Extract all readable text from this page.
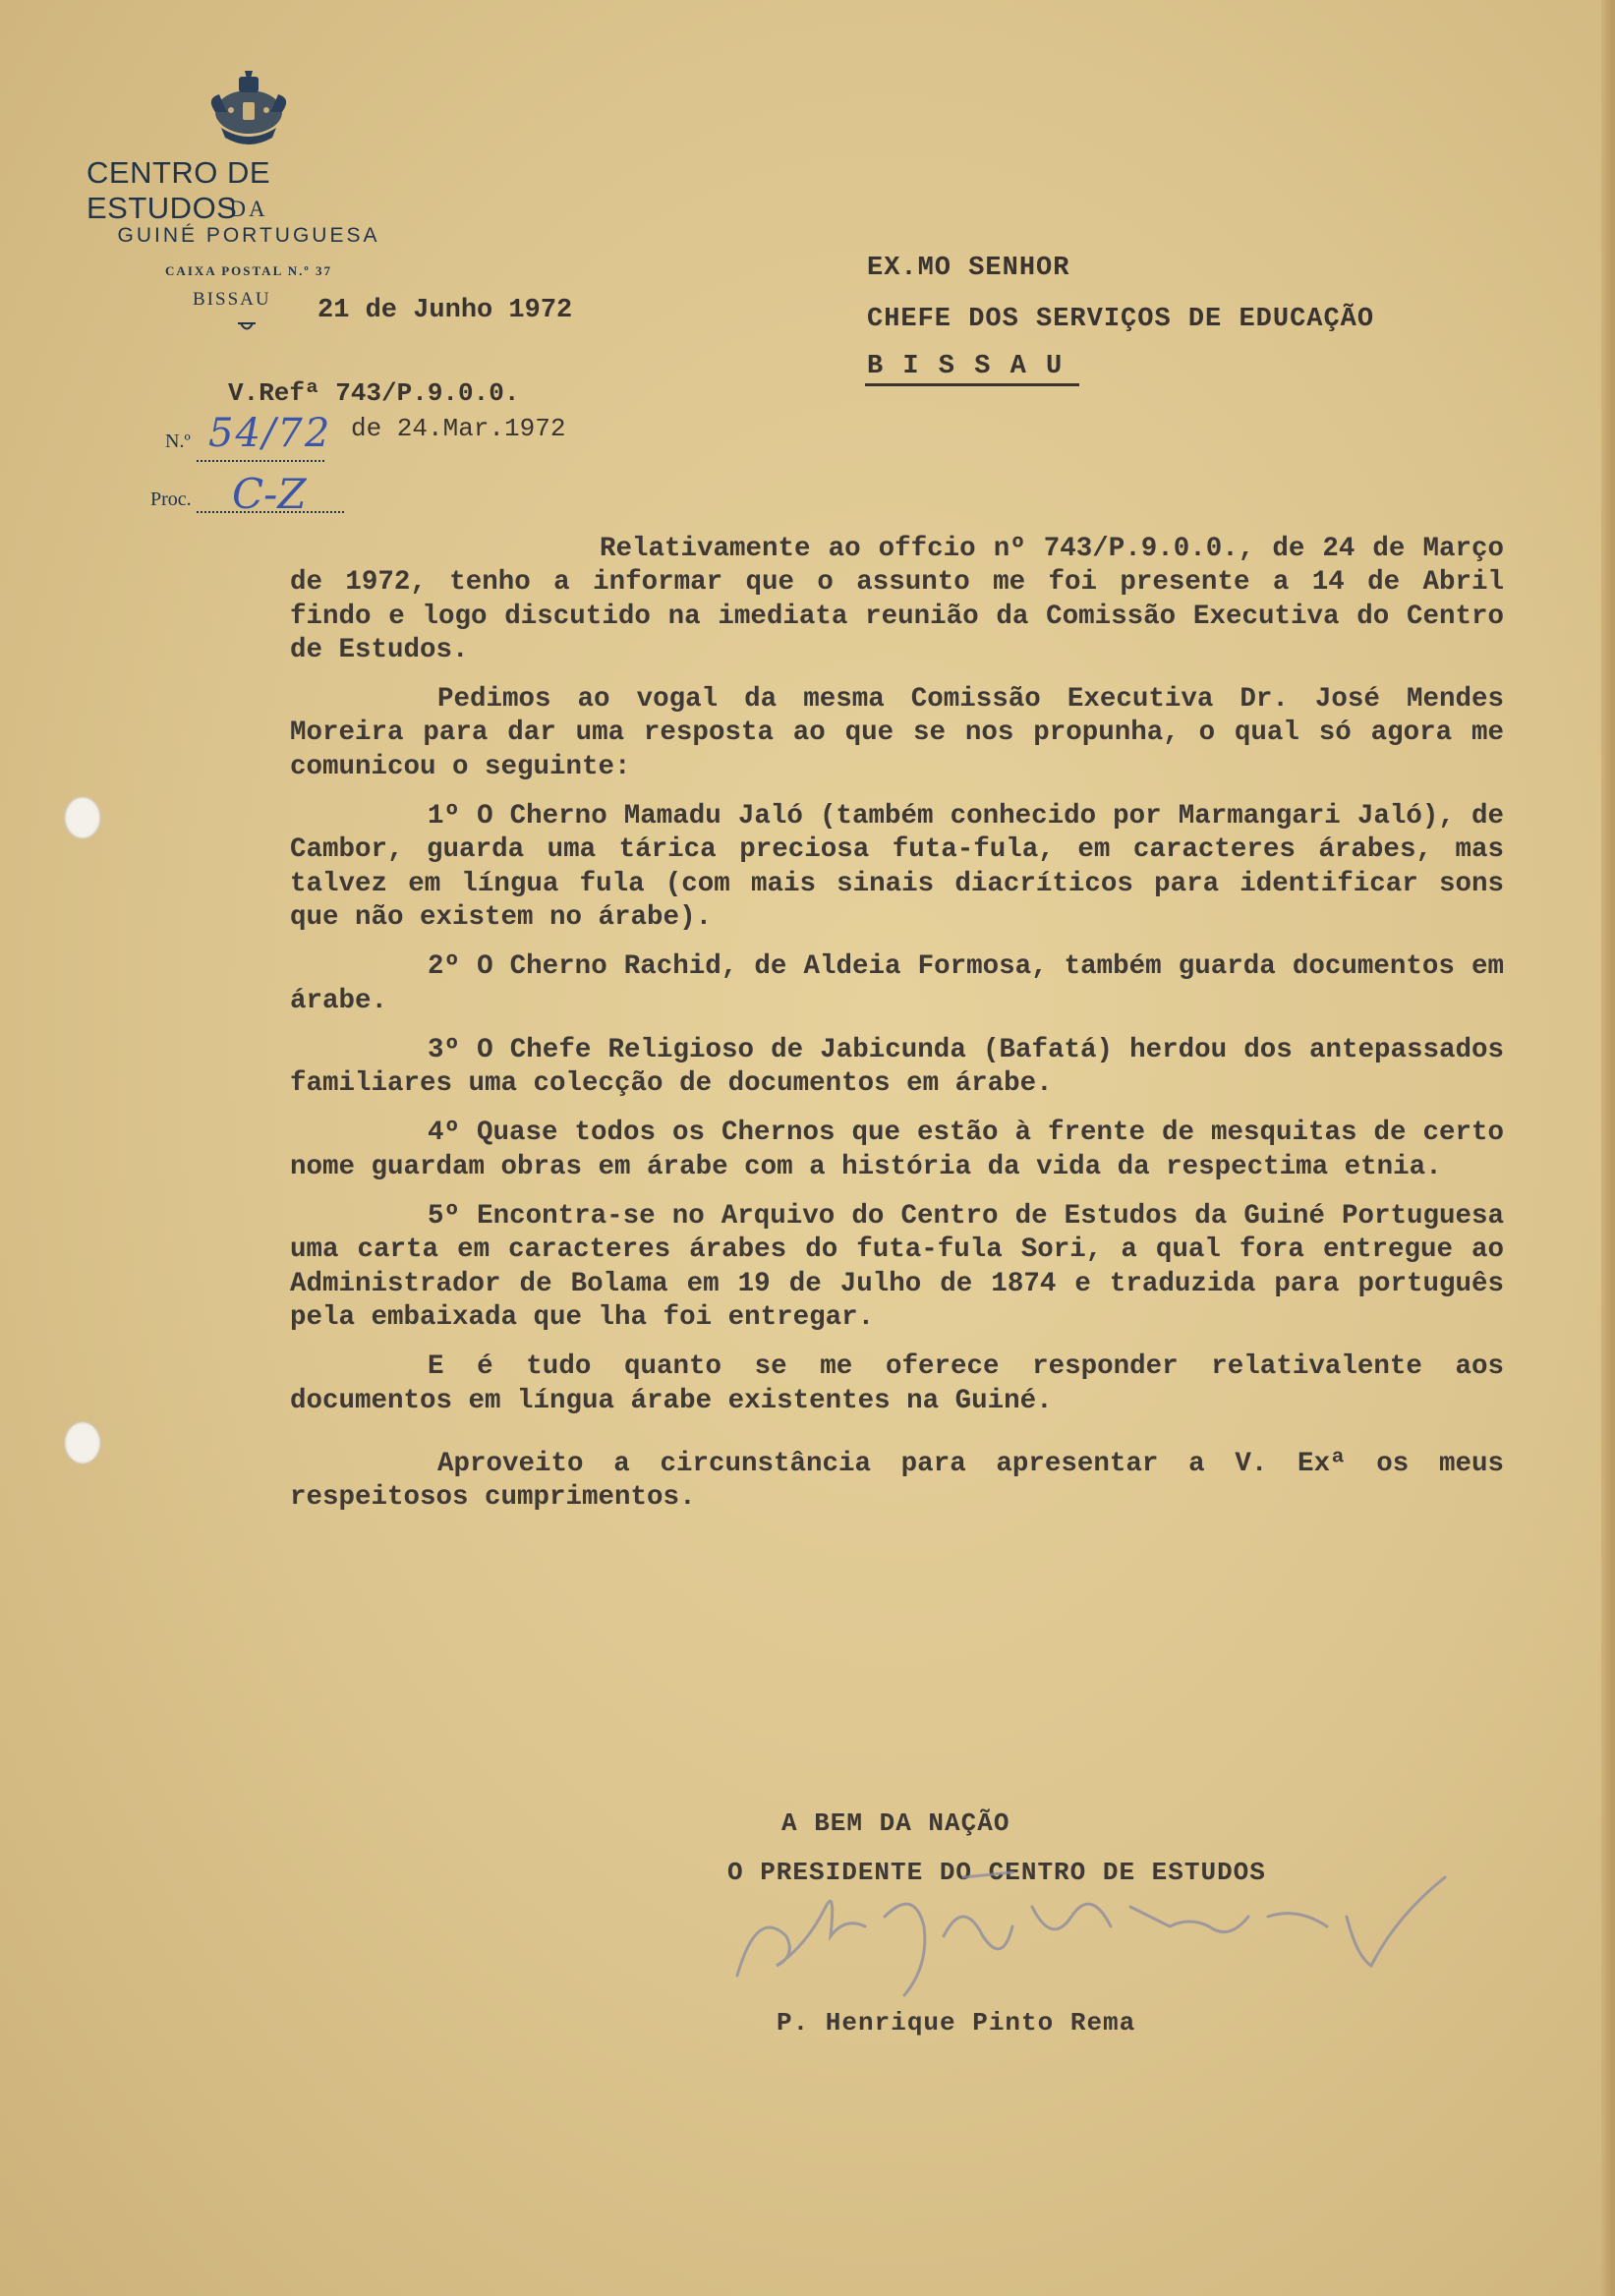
CENTRO DE ESTUDOS
DA
GUINÉ PORTUGUESA
CAIXA POSTAL N.º 37
BISSAU 21 de Junho 1972
V.Refª 743/P.9.0.0.
de 24.Mar.1972
N.º 54/72
Proc. C-Z
EX.MO SENHOR
CHEFE DOS SERVIÇOS DE EDUCAÇÃO
B I S S A U

Relativamente ao offcio nº 743/P.9.0.0., de 24 de Março de 1972, tenho a informar que o assunto me foi presente a 14 de Abril findo e logo discutido na imediata reunião da Comissão Executiva do Centro de Estudos.

Pedimos ao vogal da mesma Comissão Executiva Dr. José Mendes Moreira para dar uma resposta ao que se nos propunha, o qual só agora me comunicou o seguinte:

1º O Cherno Mamadu Jaló (também conhecido por Marmangari Jaló), de Cambor, guarda uma tárica preciosa futa-fula, em caracteres árabes, mas talvez em língua fula (com mais sinais diacríticos para identificar sons que não existem no árabe).

2º O Cherno Rachid, de Aldeia Formosa, também guarda documentos em árabe.

3º O Chefe Religioso de Jabicunda (Bafatá) herdou dos antepassados familiares uma colecção de documentos em árabe.

4º Quase todos os Chernos que estão à frente de mesquitas de certo nome guardam obras em árabe com a história da vida da respectima etnia.

5º Encontra-se no Arquivo do Centro de Estudos da Guiné Portuguesa uma carta em caracteres árabes do futa-fula Sori, a qual fora entregue ao Administrador de Bolama em 19 de Julho de 1874 e traduzida para português pela embaixada que lha foi entregar.

E é tudo quanto se me oferece responder relativalente aos documentos em língua árabe existentes na Guiné.

Aproveito a circunstância para apresentar a V. Exª os meus respeitosos cumprimentos.

A BEM DA NAÇÃO
O PRESIDENTE DO CENTRO DE ESTUDOS
P. Henrique Pinto Rema
